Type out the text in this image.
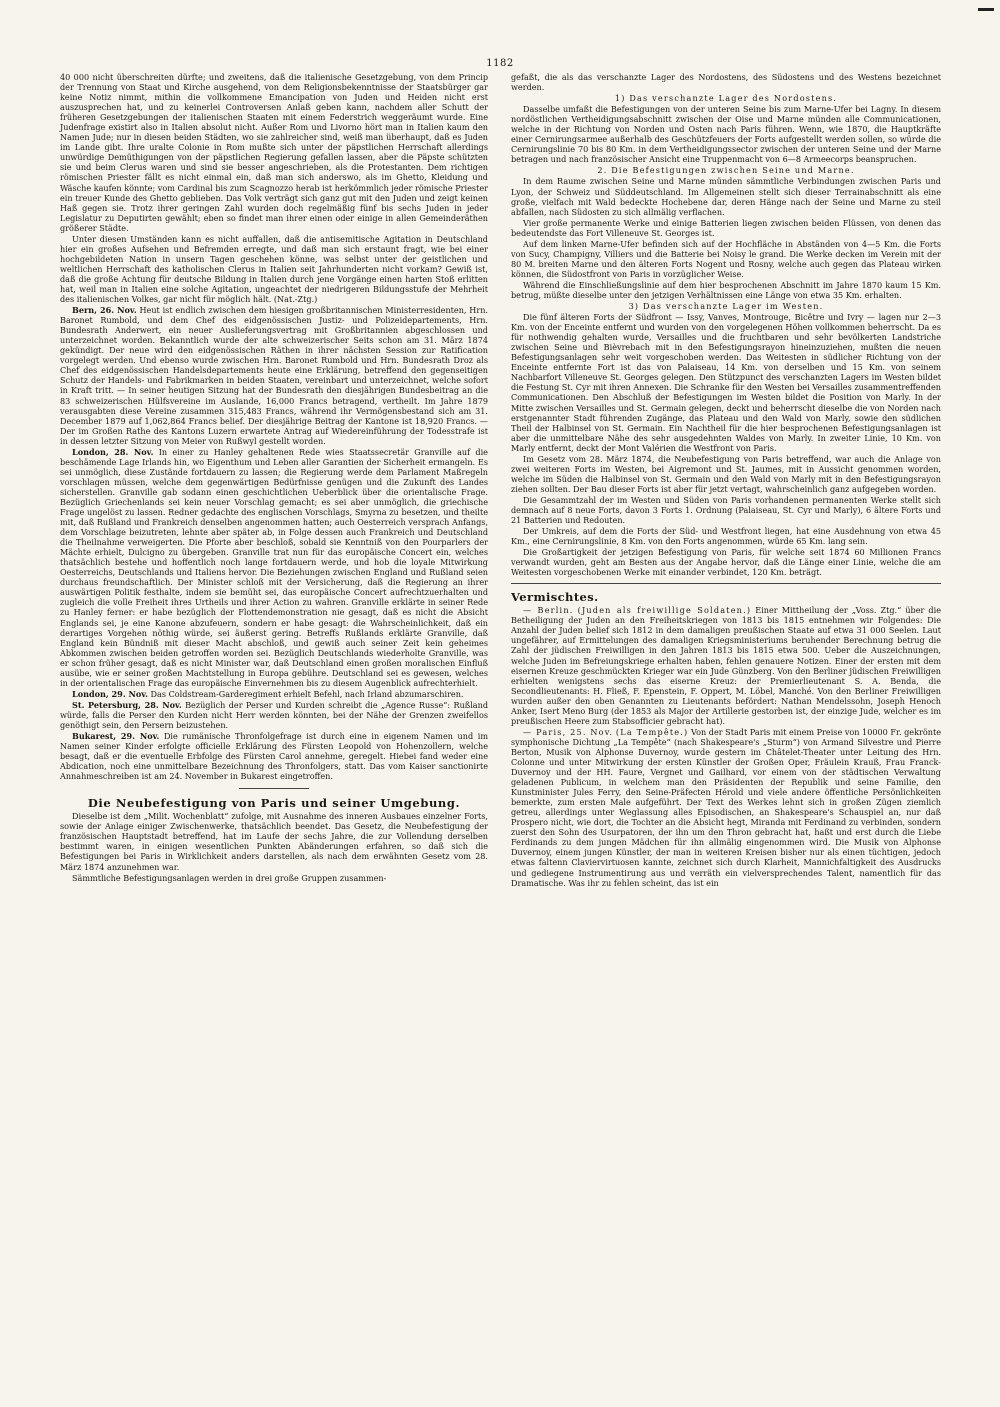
1182

40 000 nicht überschreiten dürfte; und zweitens, daß die italienische Gesetzgebung, von dem Princip der Trennung von Staat und Kirche ausgehend, von dem Religionsbekenntnisse der Staatsbürger gar keine Notiz nimmt, mithin die vollkommene Emancipation von Juden und Heiden nicht erst auszusprechen hat, und zu keinerlei Controversen Anlaß geben kann, nachdem aller Schutt der früheren Gesetzgebungen der italienischen Staaten mit einem Federstrich weggeräumt wurde. Eine Judenfrage existirt also in Italien absolut nicht. Außer Rom und Livorno hört man in Italien kaum den Namen Jude; nur in diesen beiden Städten, wo sie zahlreicher sind, weiß man überhaupt, daß es Juden im Lande gibt. Ihre uralte Colonie in Rom mußte sich unter der päpstlichen Herrschaft allerdings unwürdige Demüthigungen von der päpstlichen Regierung gefallen lassen, aber die Päpste schützten sie und beim Clerus waren und sind sie besser angeschrieben, als die Protestanten. Dem richtigen römischen Priester fällt es nicht einmal ein, daß man sich anderswo, als im Ghetto, Kleidung und Wäsche kaufen könnte; vom Cardinal bis zum Scagnozzo herab ist herkömmlich jeder römische Priester ein treuer Kunde des Ghetto geblieben. Das Volk verträgt sich ganz gut mit den Juden und zeigt keinen Haß gegen sie. Trotz ihrer geringen Zahl wurden doch regelmäßig fünf bis sechs Juden in jeder Legislatur zu Deputirten gewählt; eben so findet man ihrer einen oder einige in allen Gemeinderäthen größerer Städte.

Unter diesen Umständen kann es nicht auffallen, daß die antisemitische Agitation in Deutschland hier ein großes Aufsehen und Befremden erregte, und daß man sich erstaunt fragt, wie bei einer hochgebildeten Nation in unsern Tagen geschehen könne, was selbst unter der geistlichen und weltlichen Herrschaft des katholischen Clerus in Italien seit Jahrhunderten nicht vorkam? Gewiß ist, daß die große Achtung für deutsche Bildung in Italien durch jene Vorgänge einen harten Stoß erlitten hat, weil man in Italien eine solche Agitation, ungeachtet der niedrigeren Bildungsstufe der Mehrheit des italienischen Volkes, gar nicht für möglich hält. (Nat.-Ztg.)

Bern, 26. Nov. Heut ist endlich zwischen dem hiesigen großbritannischen Ministerresidenten, Hrn. Baronet Rumbold, und dem Chef des eidgenössischen Justiz- und Polizeidepartements, Hrn. Bundesrath Anderwert, ein neuer Auslieferungsvertrag mit Großbritannien abgeschlossen und unterzeichnet worden. Bekanntlich wurde der alte schweizerischer Seits schon am 31. März 1874 gekündigt. Der neue wird den eidgenössischen Räthen in ihrer nächsten Session zur Ratification vorgelegt werden. Und ebenso wurde zwischen Hrn. Baronet Rumbold und Hrn. Bundesrath Droz als Chef des eidgenössischen Handelsdepartements heute eine Erklärung, betreffend den gegenseitigen Schutz der Handels- und Fabrikmarken in beiden Staaten, vereinbart und unterzeichnet, welche sofort in Kraft tritt. — In seiner heutigen Sitzung hat der Bundesrath den diesjährigen Bundesbeitrag an die 83 schweizerischen Hülfsvereine im Auslande, 16,000 Francs betragend, vertheilt. Im Jahre 1879 verausgabten diese Vereine zusammen 315,483 Francs, während ihr Vermögensbestand sich am 31. December 1879 auf 1,062,864 Francs belief. Der diesjährige Beitrag der Kantone ist 18,920 Francs. — Der im Großen Rathe des Kantons Luzern erwartete Antrag auf Wiedereinführung der Todesstrafe ist in dessen letzter Sitzung von Meier von Rußwyl gestellt worden.

London, 28. Nov. In einer zu Hanley gehaltenen Rede wies Staatssecretär Granville auf die beschämende Lage Irlands hin, wo Eigenthum und Leben aller Garantien der Sicherheit ermangeln. Es sei unmöglich, diese Zustände fortdauern zu lassen; die Regierung werde dem Parlament Maßregeln vorschlagen müssen, welche dem gegenwärtigen Bedürfnisse genügen und die Zukunft des Landes sicherstellen. Granville gab sodann einen geschichtlichen Ueberblick über die orientalische Frage. Bezüglich Griechenlands sei kein neuer Vorschlag gemacht; es sei aber unmöglich, die griechische Frage ungelöst zu lassen. Redner gedachte des englischen Vorschlags, Smyrna zu besetzen, und theilte mit, daß Rußland und Frankreich denselben angenommen hatten; auch Oesterreich versprach Anfangs, dem Vorschlage beizutreten, lehnte aber später ab, in Folge dessen auch Frankreich und Deutschland die Theilnahme verweigerten. Die Pforte aber beschloß, sobald sie Kenntniß von den Pourparlers der Mächte erhielt, Dulcigno zu übergeben. Granville trat nun für das europäische Concert ein, welches thatsächlich bestehe und hoffentlich noch lange fortdauern werde, und hob die loyale Mitwirkung Oesterreichs, Deutschlands und Italiens hervor. Die Beziehungen zwischen England und Rußland seien durchaus freundschaftlich. Der Minister schloß mit der Versicherung, daß die Regierung an ihrer auswärtigen Politik festhalte, indem sie bemüht sei, das europäische Concert aufrechtzuerhalten und zugleich die volle Freiheit ihres Urtheils und ihrer Action zu wahren. Granville erklärte in seiner Rede zu Hanley ferner: er habe bezüglich der Flottendemonstration nie gesagt, daß es nicht die Absicht Englands sei, je eine Kanone abzufeuern, sondern er habe gesagt: die Wahrscheinlichkeit, daß ein derartiges Vorgehen nöthig würde, sei äußerst gering. Betreffs Rußlands erklärte Granville, daß England kein Bündniß mit dieser Macht abschloß, und gewiß auch seiner Zeit kein geheimes Abkommen zwischen beiden getroffen worden sei. Bezüglich Deutschlands wiederholte Granville, was er schon früher gesagt, daß es nicht Minister war, daß Deutschland einen großen moralischen Einfluß ausübe, wie er seiner großen Machtstellung in Europa gebühre. Deutschland sei es gewesen, welches in der orientalischen Frage das europäische Einvernehmen bis zu diesem Augenblick aufrechterhielt.

London, 29. Nov. Das Coldstream-Garderegiment erhielt Befehl, nach Irland abzumarschiren.

St. Petersburg, 28. Nov. Bezüglich der Perser und Kurden schreibt die „Agence Russe“: Rußland würde, falls die Perser den Kurden nicht Herr werden könnten, bei der Nähe der Grenzen zweifellos genöthigt sein, den Persern beizustehen.

Bukarest, 29. Nov. Die rumänische Thronfolgefrage ist durch eine in eigenem Namen und im Namen seiner Kinder erfolgte officielle Erklärung des Fürsten Leopold von Hohenzollern, welche besagt, daß er die eventuelle Erbfolge des Fürsten Carol annehme, geregelt. Hiebei fand weder eine Abdication, noch eine unmittelbare Bezeichnung des Thronfolgers, statt. Das vom Kaiser sanctionirte Annahmeschreiben ist am 24. November in Bukarest eingetroffen.

Die Neubefestigung von Paris und seiner Umgebung.

Dieselbe ist dem „Milit. Wochenblatt“ zufolge, mit Ausnahme des inneren Ausbaues einzelner Forts, sowie der Anlage einiger Zwischenwerke, thatsächlich beendet. Das Gesetz, die Neubefestigung der französischen Hauptstadt betreffend, hat im Laufe der sechs Jahre, die zur Vollendung derselben bestimmt waren, in einigen wesentlichen Punkten Abänderungen erfahren, so daß sich die Befestigungen bei Paris in Wirklichkeit anders darstellen, als nach dem erwähnten Gesetz vom 28. März 1874 anzunehmen war.

Sämmtliche Befestigungsanlagen werden in drei große Gruppen zusammen-

gefaßt, die als das verschanzte Lager des Nordostens, des Südostens und des Westens bezeichnet werden.

1) Das verschanzte Lager des Nordostens.

Dasselbe umfaßt die Befestigungen von der unteren Seine bis zum Marne-Ufer bei Lagny. In diesem nordöstlichen Vertheidigungsabschnitt zwischen der Oise und Marne münden alle Communicationen, welche in der Richtung von Norden und Osten nach Paris führen. Wenn, wie 1870, die Hauptkräfte einer Cernirungsarmee außerhalb des Geschützfeuers der Forts aufgestellt werden sollen, so würde die Cernirungslinie 70 bis 80 Km. in dem Vertheidigungssector zwischen der unteren Seine und der Marne betragen und nach französischer Ansicht eine Truppenmacht von 6—8 Armeecorps beanspruchen.

2. Die Befestigungen zwischen Seine und Marne.

In dem Raume zwischen Seine und Marne münden sämmtliche Verbindungen zwischen Paris und Lyon, der Schweiz und Süddeutschland. Im Allgemeinen stellt sich dieser Terrainabschnitt als eine große, vielfach mit Wald bedeckte Hochebene dar, deren Hänge nach der Seine und Marne zu steil abfallen, nach Südosten zu sich allmälig verflachen.

Vier große permanente Werke und einige Batterien liegen zwischen beiden Flüssen, von denen das bedeutendste das Fort Villeneuve St. Georges ist.

Auf dem linken Marne-Ufer befinden sich auf der Hochfläche in Abständen von 4—5 Km. die Forts von Sucy, Champigny, Villiers und die Batterie bei Noisy le grand. Die Werke decken im Verein mit der 80 M. breiten Marne und den älteren Forts Nogent und Rosny, welche auch gegen das Plateau wirken können, die Südostfront von Paris in vorzüglicher Weise.

Während die Einschließungslinie auf dem hier besprochenen Abschnitt im Jahre 1870 kaum 15 Km. betrug, müßte dieselbe unter den jetzigen Verhältnissen eine Länge von etwa 35 Km. erhalten.

3) Das verschanzte Lager im Westen.

Die fünf älteren Forts der Südfront — Issy, Vanves, Montrouge, Bicêtre und Ivry — lagen nur 2—3 Km. von der Enceinte entfernt und wurden von den vorgelegenen Höhen vollkommen beherrscht. Da es für nothwendig gehalten wurde, Versailles und die fruchtbaren und sehr bevölkerten Landstriche zwischen Seine und Bièvrebach mit in den Befestigungsrayon hineinzuziehen, mußten die neuen Befestigungsanlagen sehr weit vorgeschoben werden. Das Weitesten in südlicher Richtung von der Enceinte entfernte Fort ist das von Palaiseau, 14 Km. von derselben und 15 Km. von seinem Nachbarfort Villeneuve St. Georges gelegen. Den Stützpunct des verschanzten Lagers im Westen bildet die Festung St. Cyr mit ihren Annexen. Die Schranke für den Westen bei Versailles zusammentreffenden Communicationen. Den Abschluß der Befestigungen im Westen bildet die Position von Marly. In der Mitte zwischen Versailles und St. Germain gelegen, deckt und beherrscht dieselbe die von Norden nach erstgenannter Stadt führenden Zugänge, das Plateau und den Wald von Marly, sowie den südlichen Theil der Halbinsel von St. Germain. Ein Nachtheil für die hier besprochenen Befestigungsanlagen ist aber die unmittelbare Nähe des sehr ausgedehnten Waldes von Marly. In zweiter Linie, 10 Km. von Marly entfernt, deckt der Mont Valérien die Westfront von Paris.

Im Gesetz vom 28. März 1874, die Neubefestigung von Paris betreffend, war auch die Anlage von zwei weiteren Forts im Westen, bei Aigremont und St. Jaumes, mit in Aussicht genommen worden, welche im Süden die Halbinsel von St. Germain und den Wald von Marly mit in den Befestigungsrayon ziehen sollten. Der Bau dieser Forts ist aber für jetzt vertagt, wahrscheinlich ganz aufgegeben worden.

Die Gesammtzahl der im Westen und Süden von Paris vorhandenen permanenten Werke stellt sich demnach auf 8 neue Forts, davon 3 Forts 1. Ordnung (Palaiseau, St. Cyr und Marly), 6 ältere Forts und 21 Batterien und Redouten.

Der Umkreis, auf dem die Forts der Süd- und Westfront liegen, hat eine Ausdehnung von etwa 45 Km., eine Cernirungslinie, 8 Km. von den Forts angenommen, würde 65 Km. lang sein.

Die Großartigkeit der jetzigen Befestigung von Paris, für welche seit 1874 60 Millionen Francs verwandt wurden, geht am Besten aus der Angabe hervor, daß die Länge einer Linie, welche die am Weitesten vorgeschobenen Werke mit einander verbindet, 120 Km. beträgt.

Vermischtes.

— Berlin. (Juden als freiwillige Soldaten.) Einer Mittheilung der „Voss. Ztg.“ über die Betheiligung der Juden an den Freiheitskriegen von 1813 bis 1815 entnehmen wir Folgendes: Die Anzahl der Juden belief sich 1812 in dem damaligen preußischen Staate auf etwa 31 000 Seelen. Laut ungefährer, auf Ermittelungen des damaligen Kriegsministeriums beruhender Berechnung betrug die Zahl der jüdischen Freiwilligen in den Jahren 1813 bis 1815 etwa 500. Ueber die Auszeichnungen, welche Juden im Befreiungskriege erhalten haben, fehlen genauere Notizen. Einer der ersten mit dem eisernen Kreuze geschmückten Krieger war ein Jude Günzberg. Von den Berliner jüdischen Freiwilligen erhielten wenigstens sechs das eiserne Kreuz: der Premierlieutenant S. A. Benda, die Secondlieutenants: H. Fließ, F. Epenstein, F. Oppert, M. Löbel, Manché. Von den Berliner Freiwilligen wurden außer den oben Genannten zu Lieutenants befördert: Nathan Mendelssohn, Joseph Henoch Anker, Isert Meno Burg (der 1853 als Major der Artillerie gestorben ist, der einzige Jude, welcher es im preußischen Heere zum Stabsofficier gebracht hat).

— Paris, 25. Nov. (La Tempête.) Von der Stadt Paris mit einem Preise von 10000 Fr. gekrönte symphonische Dichtung „La Tempête“ (nach Shakespeare's „Sturm“) von Armand Silvestre und Pierre Berton, Musik von Alphonse Duvernoy, wurde gestern im Châtelet-Theater unter Leitung des Hrn. Colonne und unter Mitwirkung der ersten Künstler der Großen Oper, Fräulein Krauß, Frau Franck-Duvernoy und der HH. Faure, Vergnet und Gailhard, vor einem von der städtischen Verwaltung geladenen Publicum, in welchem man den Präsidenten der Republik und seine Familie, den Kunstminister Jules Ferry, den Seine-Präfecten Hérold und viele andere öffentliche Persönlichkeiten bemerkte, zum ersten Male aufgeführt. Der Text des Werkes lehnt sich in großen Zügen ziemlich getreu, allerdings unter Weglassung alles Episodischen, an Shakespeare's Schauspiel an, nur daß Prospero nicht, wie dort, die Tochter an die Absicht hegt, Miranda mit Ferdinand zu verbinden, sondern zuerst den Sohn des Usurpatoren, der ihn um den Thron gebracht hat, haßt und erst durch die Liebe Ferdinands zu dem jungen Mädchen für ihn allmälig eingenommen wird. Die Musik von Alphonse Duvernoy, einem jungen Künstler, der man in weiteren Kreisen bisher nur als einen tüchtigen, jedoch etwas faltenn Claviervirtuosen kannte, zeichnet sich durch Klarheit, Mannichfaltigkeit des Ausdrucks und gediegene Instrumentirung aus und verräth ein vielversprechendes Talent, namentlich für das Dramatische. Was ihr zu fehlen scheint, das ist ein
